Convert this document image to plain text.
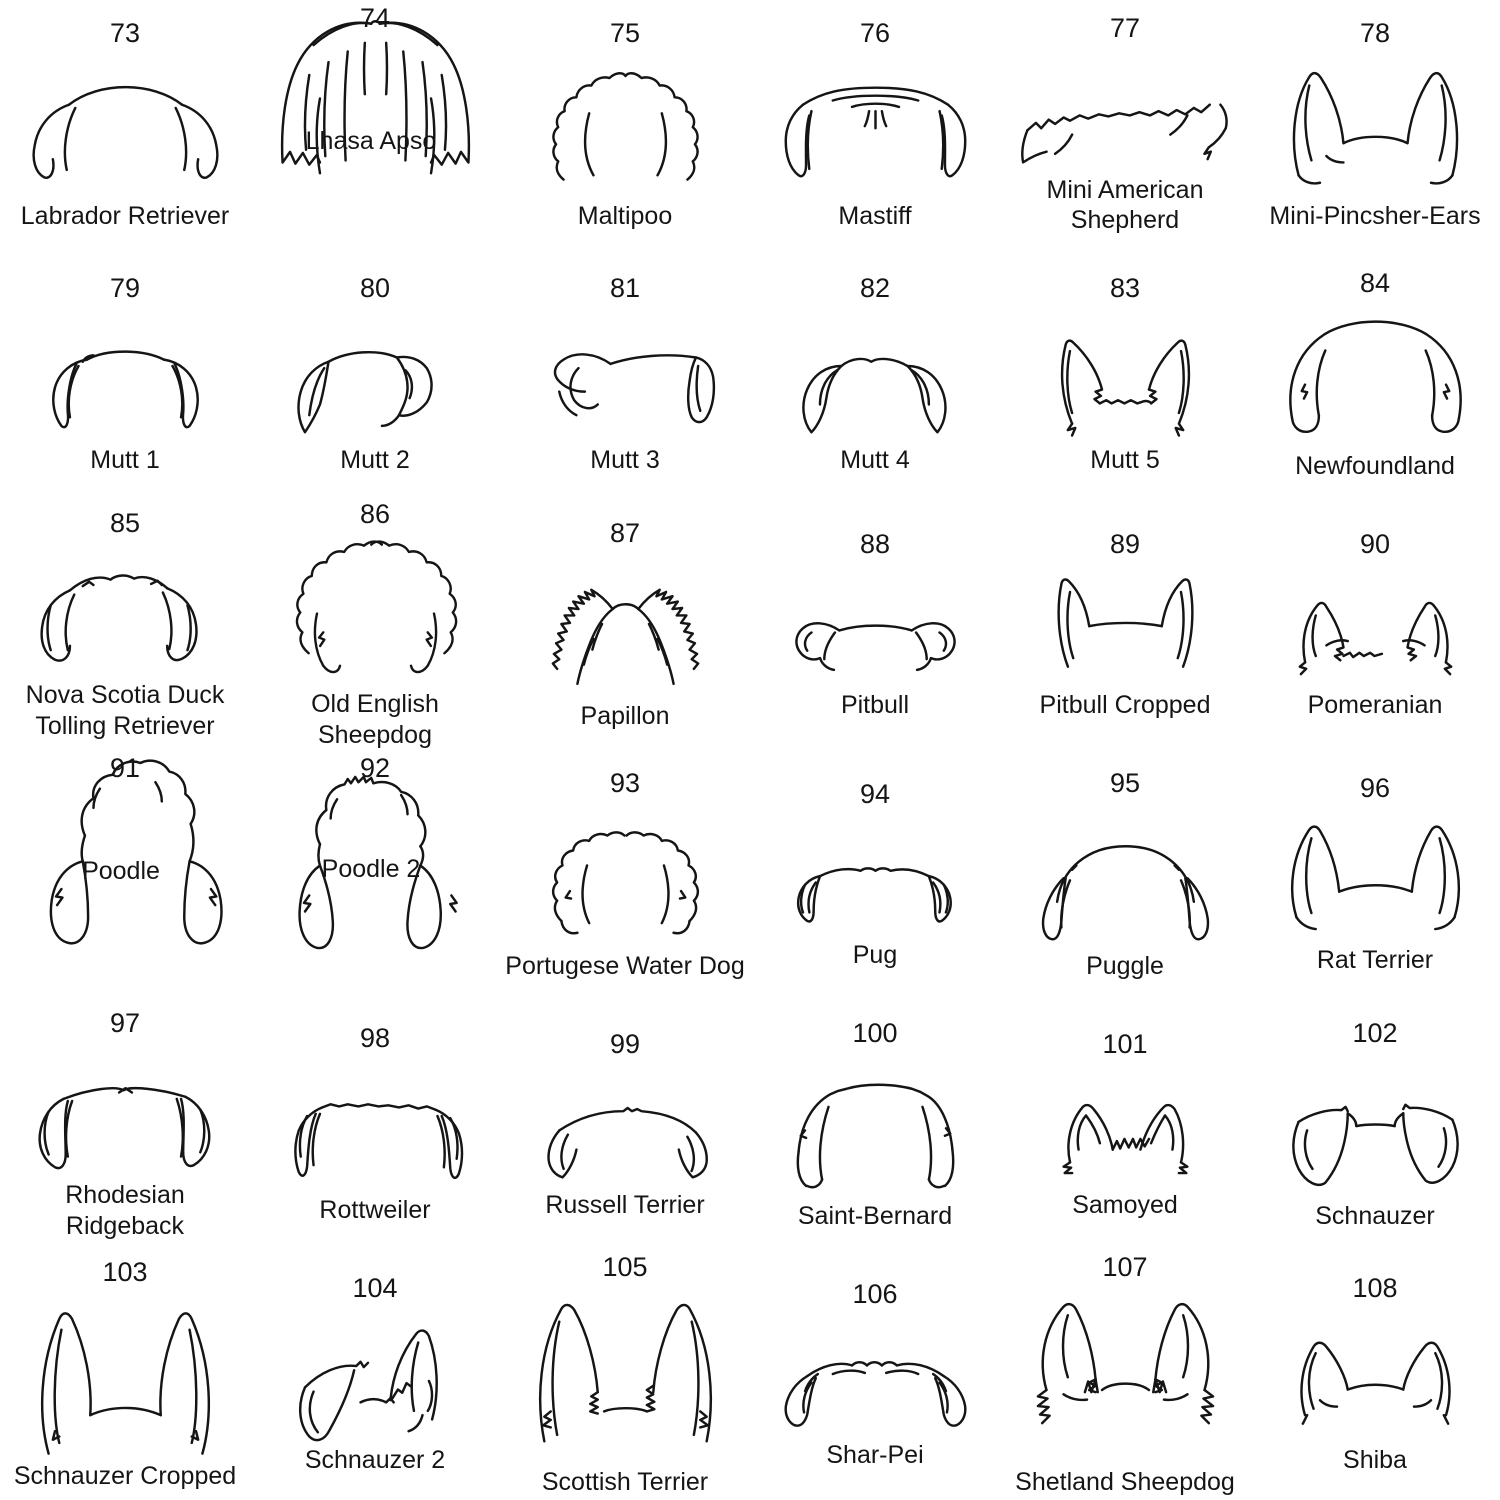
73
Labrador Retriever
74
Lhasa Apso
75
Maltipoo
76
Mastiff
77
Mini American Shepherd
78
Mini-Pincsher-Ears
79
Mutt 1
80
Mutt 2
81
Mutt 3
82
Mutt 4
83
Mutt 5
84
Newfoundland
85
Nova Scotia Duck Tolling Retriever
86
Old English Sheepdog
87
Papillon
88
Pitbull
89
Pitbull Cropped
90
Pomeranian
91
Poodle
92
Poodle 2
93
Portugese Water Dog
94
Pug
95
Puggle
96
Rat Terrier
97
Rhodesian Ridgeback
98
Rottweiler
99
Russell Terrier
100
Saint-Bernard
101
Samoyed
102
Schnauzer
103
Schnauzer Cropped
104
Schnauzer 2
105
Scottish Terrier
106
Shar-Pei
107
Shetland Sheepdog
108
Shiba
